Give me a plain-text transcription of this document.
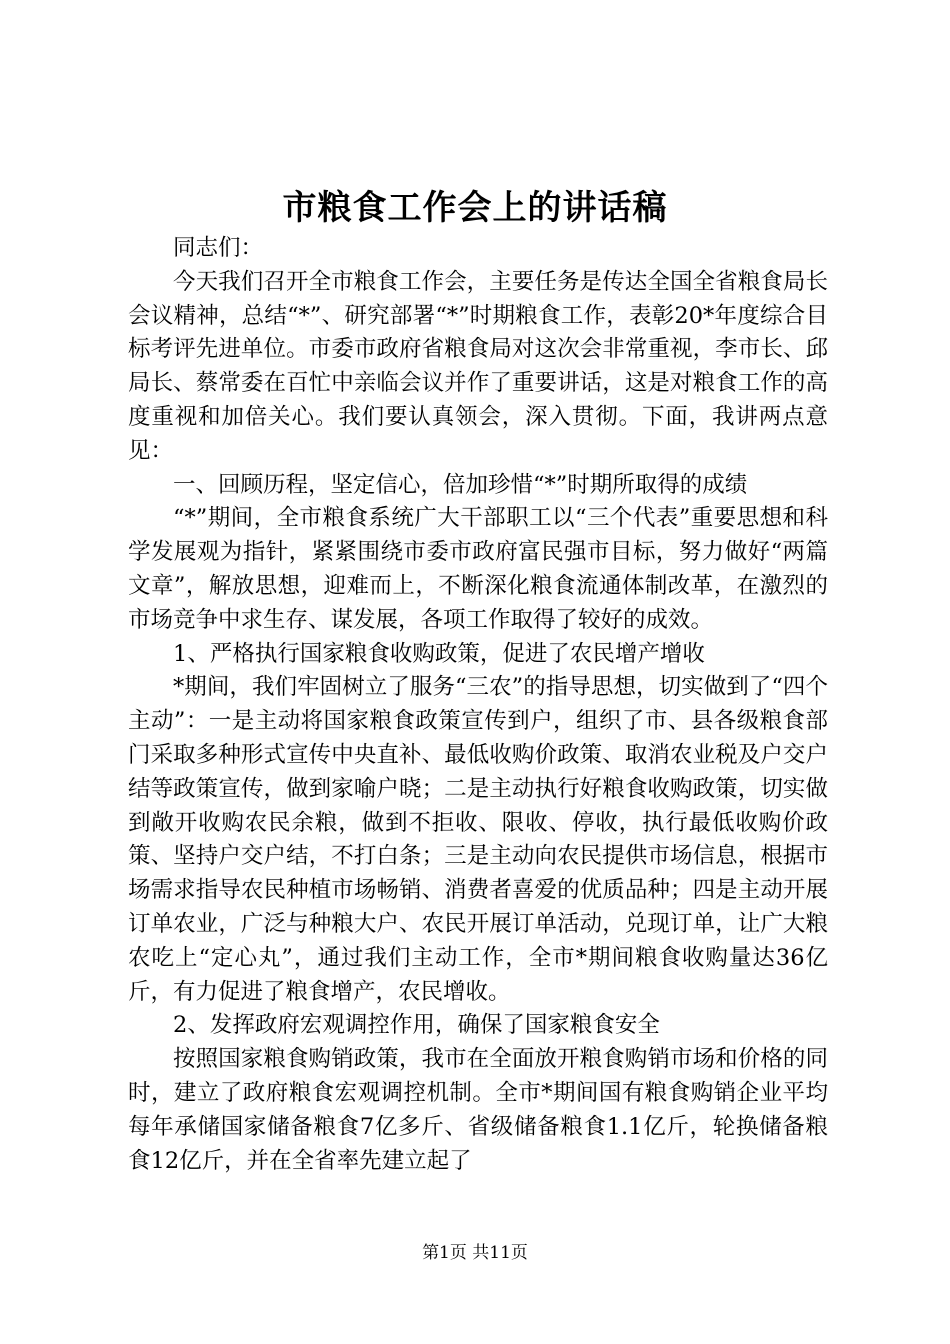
市粮食工作会上的讲话稿

同志们：

今天我们召开全市粮食工作会，主要任务是传达全国全省粮食局长会议精神，总结“*”、研究部署“*”时期粮食工作，表彰20*年度综合目标考评先进单位。市委市政府省粮食局对这次会非常重视，李市长、邱局长、蔡常委在百忙中亲临会议并作了重要讲话，这是对粮食工作的高度重视和加倍关心。我们要认真领会，深入贯彻。下面，我讲两点意见：

一、回顾历程，坚定信心，倍加珍惜“*”时期所取得的成绩

“*”期间，全市粮食系统广大干部职工以“三个代表”重要思想和科学发展观为指针，紧紧围绕市委市政府富民强市目标，努力做好“两篇文章”，解放思想，迎难而上，不断深化粮食流通体制改革，在激烈的市场竞争中求生存、谋发展，各项工作取得了较好的成效。

1、严格执行国家粮食收购政策，促进了农民增产增收

*期间，我们牢固树立了服务“三农”的指导思想，切实做到了“四个主动”：一是主动将国家粮食政策宣传到户，组织了市、县各级粮食部门采取多种形式宣传中央直补、最低收购价政策、取消农业税及户交户结等政策宣传，做到家喻户晓；二是主动执行好粮食收购政策，切实做到敞开收购农民余粮，做到不拒收、限收、停收，执行最低收购价政策、坚持户交户结，不打白条；三是主动向农民提供市场信息，根据市场需求指导农民种植市场畅销、消费者喜爱的优质品种；四是主动开展订单农业，广泛与种粮大户、农民开展订单活动，兑现订单，让广大粮农吃上“定心丸”，通过我们主动工作，全市*期间粮食收购量达36亿斤，有力促进了粮食增产，农民增收。

2、发挥政府宏观调控作用，确保了国家粮食安全

按照国家粮食购销政策，我市在全面放开粮食购销市场和价格的同时，建立了政府粮食宏观调控机制。全市*期间国有粮食购销企业平均每年承储国家储备粮食7亿多斤、省级储备粮食1.1亿斤，轮换储备粮食12亿斤，并在全省率先建立起了

第1页 共11页
